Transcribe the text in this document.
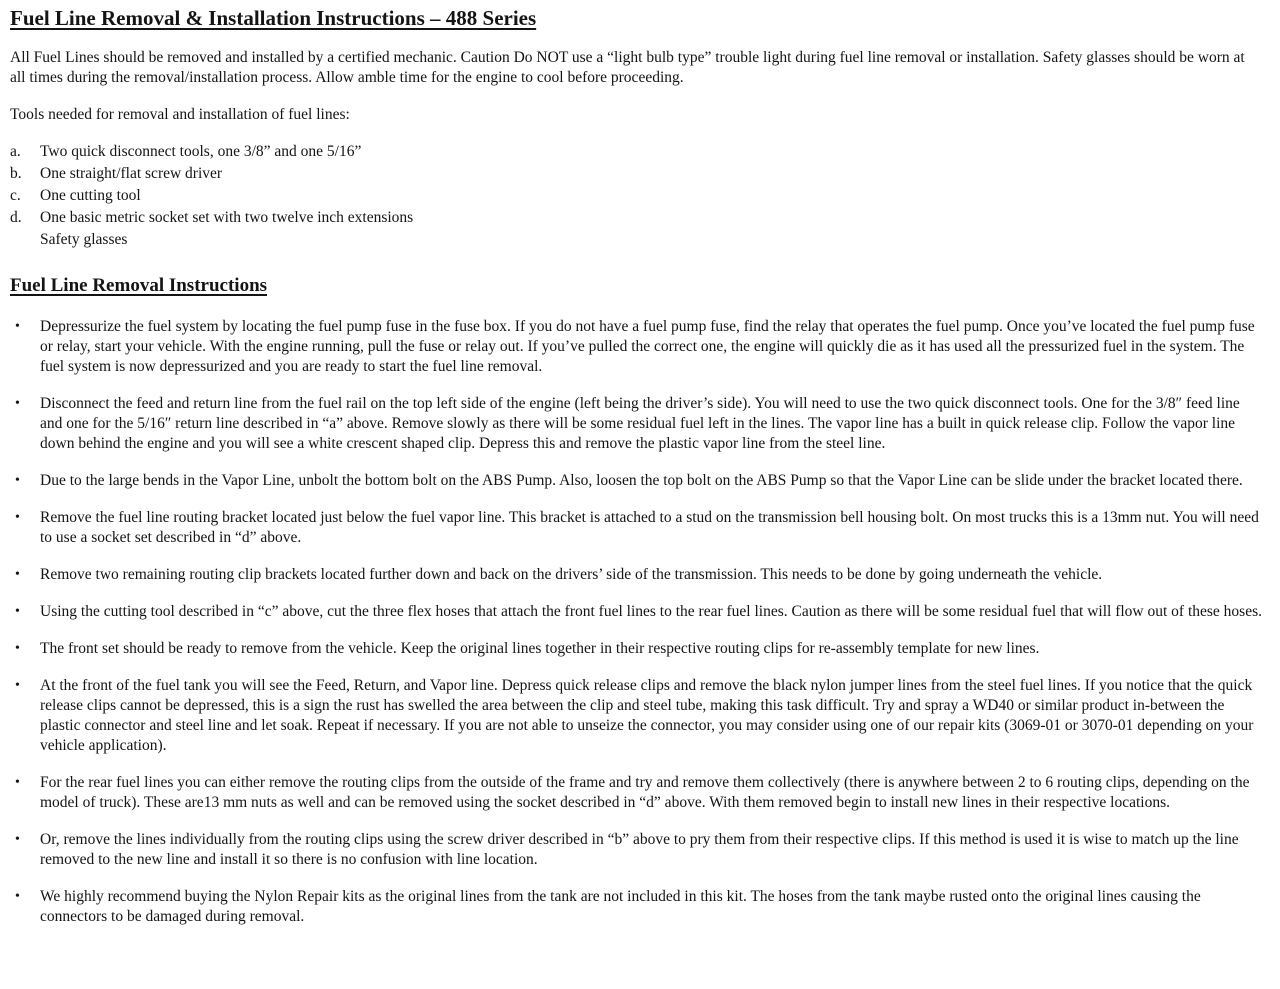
Fuel Line Removal & Installation Instructions – 488 Series
All Fuel Lines should be removed and installed by a certified mechanic. Caution Do NOT use a “light bulb type” trouble light during fuel line removal or installation. Safety glasses should be worn at all times during the removal/installation process. Allow amble time for the engine to cool before proceeding.
Tools needed for removal and installation of fuel lines:
a.	Two quick disconnect tools, one 3/8” and one 5/16”
b.	One straight/flat screw driver
c.	One cutting tool
d.	One basic metric socket set with two twelve inch extensions
Safety glasses
Fuel Line Removal Instructions
•	Depressurize the fuel system by locating the fuel pump fuse in the fuse box. If you do not have a fuel pump fuse, find the relay that operates the fuel pump. Once you’ve located the fuel pump fuse or relay, start your vehicle. With the engine running, pull the fuse or relay out. If you’ve pulled the correct one, the engine will quickly die as it has used all the pressurized fuel in the system. The fuel system is now depressurized and you are ready to start the fuel line removal.
•	Disconnect the feed and return line from the fuel rail on the top left side of the engine (left being the driver’s side). You will need to use the two quick disconnect tools. One for the 3/8″ feed line and one for the 5/16″ return line described in “a” above. Remove slowly as there will be some residual fuel left in the lines. The vapor line has a built in quick release clip. Follow the vapor line down behind the engine and you will see a white crescent shaped clip. Depress this and remove the plastic vapor line from the steel line.
•	Due to the large bends in the Vapor Line, unbolt the bottom bolt on the ABS Pump. Also, loosen the top bolt on the ABS Pump so that the Vapor Line can be slide under the bracket located there.
•	Remove the fuel line routing bracket located just below the fuel vapor line. This bracket is attached to a stud on the transmission bell housing bolt. On most trucks this is a 13mm nut. You will need to use a socket set described in “d” above.
•	Remove two remaining routing clip brackets located further down and back on the drivers’ side of the transmission. This needs to be done by going underneath the vehicle.
•	Using the cutting tool described in “c” above, cut the three flex hoses that attach the front fuel lines to the rear fuel lines. Caution as there will be some residual fuel that will flow out of these hoses.
•	The front set should be ready to remove from the vehicle. Keep the original lines together in their respective routing clips for re-assembly template for new lines.
•	At the front of the fuel tank you will see the Feed, Return, and Vapor line. Depress quick release clips and remove the black nylon jumper lines from the steel fuel lines. If you notice that the quick release clips cannot be depressed, this is a sign the rust has swelled the area between the clip and steel tube, making this task difficult. Try and spray a WD40 or similar product in-between the plastic connector and steel line and let soak. Repeat if necessary. If you are not able to unseize the connector, you may consider using one of our repair kits (3069-01 or 3070-01 depending on your vehicle application).
•	For the rear fuel lines you can either remove the routing clips from the outside of the frame and try and remove them collectively (there is anywhere between 2 to 6 routing clips, depending on the model of truck). These are13 mm nuts as well and can be removed using the socket described in “d” above. With them removed begin to install new lines in their respective locations.
•	Or, remove the lines individually from the routing clips using the screw driver described in “b” above to pry them from their respective clips. If this method is used it is wise to match up the line removed to the new line and install it so there is no confusion with line location.
•	We highly recommend buying the Nylon Repair kits as the original lines from the tank are not included in this kit. The hoses from the tank maybe rusted onto the original lines causing the connectors to be damaged during removal.
